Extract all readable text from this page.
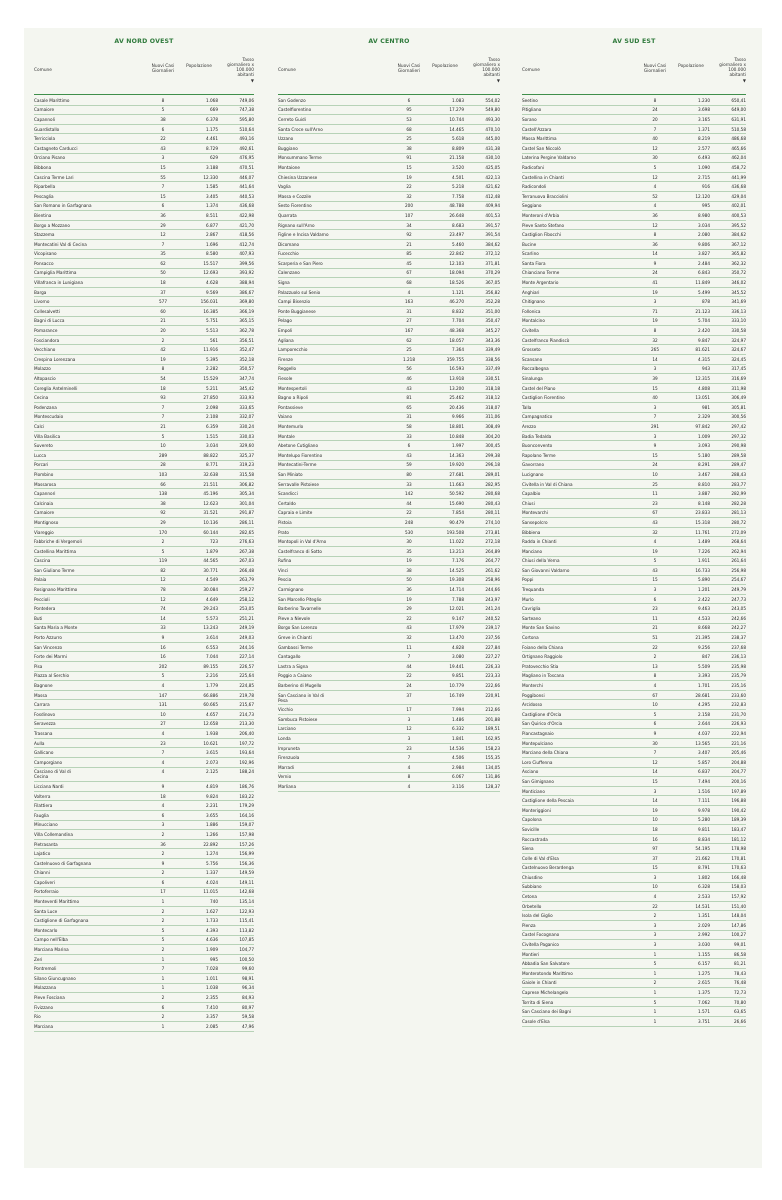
AV NORD OVEST
Comune
Nuovi Casi
Giornalieri
Popolazione
Tasso
giornaliero x
100.000
abitanti
▼
Casale Marittimo	8	1.068	749,06
Camaiore	5	669	747,38
Capannoli	38	6.378	595,80
Guardistallo	6	1.175	510,64
Terricciola	22	4.461	493,16
Castagneto Carducci	43	8.729	492,61
Orciano Pisano	3	629	476,95
Bibbona	15	3.188	470,51
Cascina Terme Lari	55	12.330	446,07
Riparbella	7	1.585	441,64
Pescaglia	15	3.405	440,53
San Romano in Garfagnana	6	1.374	436,68
Bientina	36	8.511	422,98
Borgo a Mozzano	29	6.877	421,70
Stazzema	12	2.867	418,56
Montecatini Val di Cecina	7	1.696	412,74
Vicopisano	35	8.580	407,93
Ponsacco	62	15.517	399,56
Campiglia Marittima	50	12.693	393,92
Villafranca in Lunigiana	18	4.628	388,94
Barga	37	9.569	386,67
Livorno	577	156.031	369,80
Collesalvetti	60	16.385	366,19
Bagni di Lucca	21	5.751	365,15
Pomarance	20	5.513	362,78
Fosciandora	2	561	356,51
Vecchiano	42	11.916	352,47
Crespina Lorenzana	19	5.395	352,18
Molazzo	8	2.282	350,57
Altopascio	54	15.529	347,74
Coreglia Antelminelli	18	5.211	345,42
Cecina	93	27.850	333,93
Podenzana	7	2.098	333,65
Montescudaio	7	2.108	332,07
Calci	21	6.359	330,24
Villa Basilica	5	1.515	330,03
Suvereto	10	3.034	329,60
Lucca	289	88.822	325,37
Porcari	28	8.771	319,23
Piombino	103	32.638	315,58
Massarosa	66	21.511	306,82
Capannori	138	45.196	305,34
Calcinaia	38	12.623	301,04
Camaiore	92	31.521	291,87
Montignoso	29	10.136	286,11
Viareggio	170	60.144	282,65
Fabbriche di Vergemoli	2	723	276,63
Castellina Marittima	5	1.879	267,38
Cascina	119	44.565	267,03
San Giuliano Terme	82	30.771	266,48
Palaia	12	4.549	263,79
Rosignano Marittimo	78	30.084	259,27
Peccioli	12	4.649	258,12
Pontedera	74	29.243	253,05
Buti	14	5.573	251,21
Santa Maria a Monte	33	13.243	249,19
Porto Azzurro	9	3.614	249,03
San Vincenzo	16	6.553	244,16
Forte dei Marmi	16	7.044	227,14
Pisa	202	89.155	226,57
Piazza al Serchio	5	2.216	225,64
Bagnone	4	1.779	224,85
Massa	147	66.886	219,78
Carrara	131	60.665	215,67
Fosdinovo	10	4.657	214,73
Seravezza	27	12.658	213,30
Trassana	4	1.938	206,40
Aulla	23	10.621	197,72
Gallicano	7	3.615	193,64
Camporgiano	4	2.073	192,96
Casciano di Val di
Cecina
4	2.125	188,24
Licciana Nardi	9	4.819	186,76
Volterra	18	9.824	183,22
Filattiera	4	2.231	179,29
Fauglia	6	3.655	164,16
Minucciano	3	1.886	159,07
Villa Collemandina	2	1.266	157,98
Pietrasanta	36	22.892	157,26
Lajatico	2	1.274	156,99
Castelnuovo di Garfagnana	9	5.756	156,36
Chianni	2	1.337	149,59
Capoliveri	6	4.024	149,11
Portoferraio	17	11.015	142,68
Monteverdi Marittimo	1	740	135,14
Santa Luce	2	1.627	122,93
Castiglione di Garfagnana	2	1.733	115,41
Montecarlo	5	4.393	113,82
Campo nell'Elba	5	4.636	107,85
Marciana Marina	2	1.909	104,77
Zeri	1	995	100,50
Pontremoli	7	7.028	99,60
Silano Giuncugnano	1	1.011	98,91
Molazzana	1	1.038	96,34
Pieve Fosciana	2	2.355	84,93
Fivizzano	6	7.410	80,97
Rio	2	3.357	59,58
Marciana	1	2.085	47,96
AV CENTRO
Comune
Nuovi Casi
Giornalieri
Popolazione
Tasso
giornaliero x
100.000
abitanti
▼
San Godenzo	6	1.083	554,02
Castelfiorentino	95	17.279	549,80
Cerreto Guidi	53	10.744	493,30
Santa Croce sull'Arno	68	14.465	470,10
Uzzano	25	5.618	445,00
Buggiano	38	8.809	431,38
Monsummano Terme	91	21.158	430,10
Montaione	15	3.520	425,05
Chiesina Uzzanese	19	4.501	422,13
Vaglia	22	5.218	421,62
Massa e Cozzile	32	7.758	412,48
Sesto Fiorentino	200	48.788	409,94
Quarrata	107	26.648	401,53
Rignano sull'Arno	34	8.683	391,57
Figline e Incisa Valdarno	92	23.497	391,54
Dicomano	21	5.460	384,62
Fucecchio	85	22.842	372,12
Scarperia e San Piero	45	12.103	371,81
Calenzano	67	18.094	370,29
Signa	68	18.526	367,05
Palazzuolo sul Senio	4	1.121	356,82
Campi Bisenzio	163	46.270	352,28
Ponte Buggianese	31	8.832	351,00
Pelago	27	7.704	350,47
Empoli	167	48.368	345,27
Agliana	62	18.057	343,36
Lamporecchio	25	7.364	339,49
Firenze	1.218	359.755	338,56
Reggello	56	16.593	337,49
Fiesole	46	13.918	330,51
Montespertoli	43	13.200	318,18
Bagno a Ripoli	81	25.462	318,12
Pontassieve	65	20.436	318,07
Vaiano	31	9.966	311,06
Montemurlo	58	18.801	308,49
Montale	33	10.848	304,20
Abetone Cutigliano	6	1.997	300,45
Montelupo Fiorentino	43	14.363	299,38
Montecatini-Terme	59	19.920	296,18
San Miniato	80	27.681	289,01
Serravalle Pistoiese	33	11.663	282,95
Scandicci	142	50.592	280,68
Certaldo	44	15.690	280,43
Capraia e Limite	22	7.854	280,11
Pistoia	248	90.479	274,10
Prato	530	193.508	273,81
Montopoli in Val d'Arno	30	11.022	272,18
Castelfranco di Sotto	35	13.213	264,89
Rufina	19	7.176	264,77
Vinci	38	14.525	261,62
Pescia	50	19.308	258,96
Carmignano	36	14.714	244,66
San Marcello Piteglio	19	7.788	243,97
Barberino Tavarnelle	29	12.021	241,24
Pieve a Nievole	22	9.147	240,52
Borgo San Lorenzo	43	17.979	239,17
Greve in Chianti	32	13.470	237,56
Gambassi Terme	11	4.828	227,84
Cantagallo	7	3.080	227,27
Lastra a Signa	44	19.441	226,33
Poggio a Caiano	22	9.851	223,33
Barberino di Mugello	24	10.779	222,66
San Casciano in Val di
Pesa
37	16.749	220,91
Vicchio	17	7.994	212,66
Sambuca Pistoiese	3	1.486	201,88
Larciano	12	6.332	189,51
Londa	3	1.841	162,95
Impruneta	23	14.536	158,23
Firenzuola	7	4.506	155,35
Marradi	4	2.984	134,05
Vernio	8	6.067	131,86
Marliana	4	3.116	128,37
AV SUD EST
Comune
Nuovi Casi
Giornalieri
Popolazione
Tasso
giornaliero x
100.000
abitanti
▼
Seetino	8	1.230	650,41
Pitigliano	24	3.698	649,00
Sorano	20	3.165	631,91
Castell'Azzara	7	1.371	510,58
Massa Marittima	40	8.219	486,68
Castel San Niccolò	12	2.577	465,66
Laterina Pergine Valdarno	30	6.493	462,04
Radicofani	5	1.090	458,72
Castellina in Chianti	12	2.715	441,99
Radicondoli	4	916	436,68
Terranuova Bracciolini	52	12.120	429,04
Seggiano	4	995	402,01
Monteroni d'Arbia	36	8.980	400,53
Pieve Santo Stefano	12	3.034	395,52
Castiglion Fibocchi	8	2.080	384,62
Bucine	36	9.806	367,12
Scarlino	14	3.827	365,82
Santa Fiora	9	2.484	362,32
Chianciano Terme	24	6.843	350,72
Monte Argentario	41	11.849	346,02
Anghiari	19	5.499	345,52
Chitignano	3	878	341,69
Follonica	71	21.123	336,13
Montalcino	19	5.704	333,10
Civitella	8	2.420	330,58
Castelfranco Piandiscò	32	9.847	324,97
Grosseto	265	81.621	324,67
Scansano	14	4.315	324,45
Roccalbegna	3	943	317,45
Sinalunga	39	12.315	316,69
Castel del Piano	15	4.808	311,98
Castiglion Fiorentino	40	13.051	306,49
Talla	3	981	305,81
Campagnatico	7	2.329	300,56
Arezzo	291	97.842	297,42
Badia Tedalda	3	1.009	297,32
Buonconvento	9	3.093	290,98
Rapolano Terme	15	5.180	289,58
Gavorrano	24	8.291	289,47
Lucignano	10	3.467	288,43
Civitella in Val di Chiana	25	8.810	283,77
Capalbio	11	3.887	282,99
Chiusi	23	8.148	282,28
Montevarchi	67	23.833	281,13
Sansepolcro	43	15.318	280,72
Bibbiena	32	11.761	272,09
Radda in Chianti	4	1.489	268,64
Manciano	19	7.226	262,94
Chiusi della Verna	5	1.911	261,64
San Giovanni Valdarno	43	16.733	256,98
Poppi	15	5.890	254,67
Trequanda	3	1.201	249,79
Murlo	6	2.422	247,73
Cavriglia	23	9.463	243,05
Sarteano	11	4.533	242,66
Monte San Savino	21	8.668	242,27
Cortona	51	21.395	238,37
Foiano della Chiana	22	9.256	237,68
Ortignano Raggiolo	2	847	236,13
Pratovecchio Stia	13	5.509	235,98
Magliano in Toscana	8	3.393	235,79
Monterchi	4	1.701	235,16
Poggibonsi	67	28.681	233,60
Arcidosso	10	4.295	232,83
Castiglione d'Orcia	5	2.158	231,70
San Quirico d'Orcia	6	2.644	226,93
Piancastagnaio	9	4.037	222,94
Montepulciano	30	13.565	221,16
Marciano della Chiana	7	3.407	205,46
Loro Ciuffenna	12	5.857	204,88
Asciano	14	6.837	204,77
San Gimignano	15	7.494	200,16
Monticiano	3	1.516	197,89
Castiglione della Pescaia	14	7.111	196,88
Monteriggioni	19	9.978	190,42
Capolona	10	5.280	189,39
Sovicille	18	9.811	183,47
Roccastrada	16	8.834	181,12
Siena	97	54.195	178,98
Colle di Val d'Elsa	37	21.662	170,81
Castelnuovo Berardenga	15	8.791	170,63
Chiusdino	3	1.802	166,48
Subbiano	10	6.328	158,03
Cetona	4	2.533	157,92
Orbetello	22	14.531	151,40
Isola del Giglio	2	1.351	148,04
Pienza	3	2.029	147,86
Castel Focognano	3	2.992	100,27
Civitella Paganico	3	3.030	99,01
Montieri	1	1.155	86,58
Abbadia San Salvatore	5	6.157	81,21
Monterotondo Marittimo	1	1.275	78,43
Gaiole in Chianti	2	2.615	76,48
Caprese Michelangelo	1	1.375	72,73
Torrita di Siena	5	7.062	70,80
San Casciano dei Bagni	1	1.571	63,65
Casole d'Elsa	1	3.751	26,66
